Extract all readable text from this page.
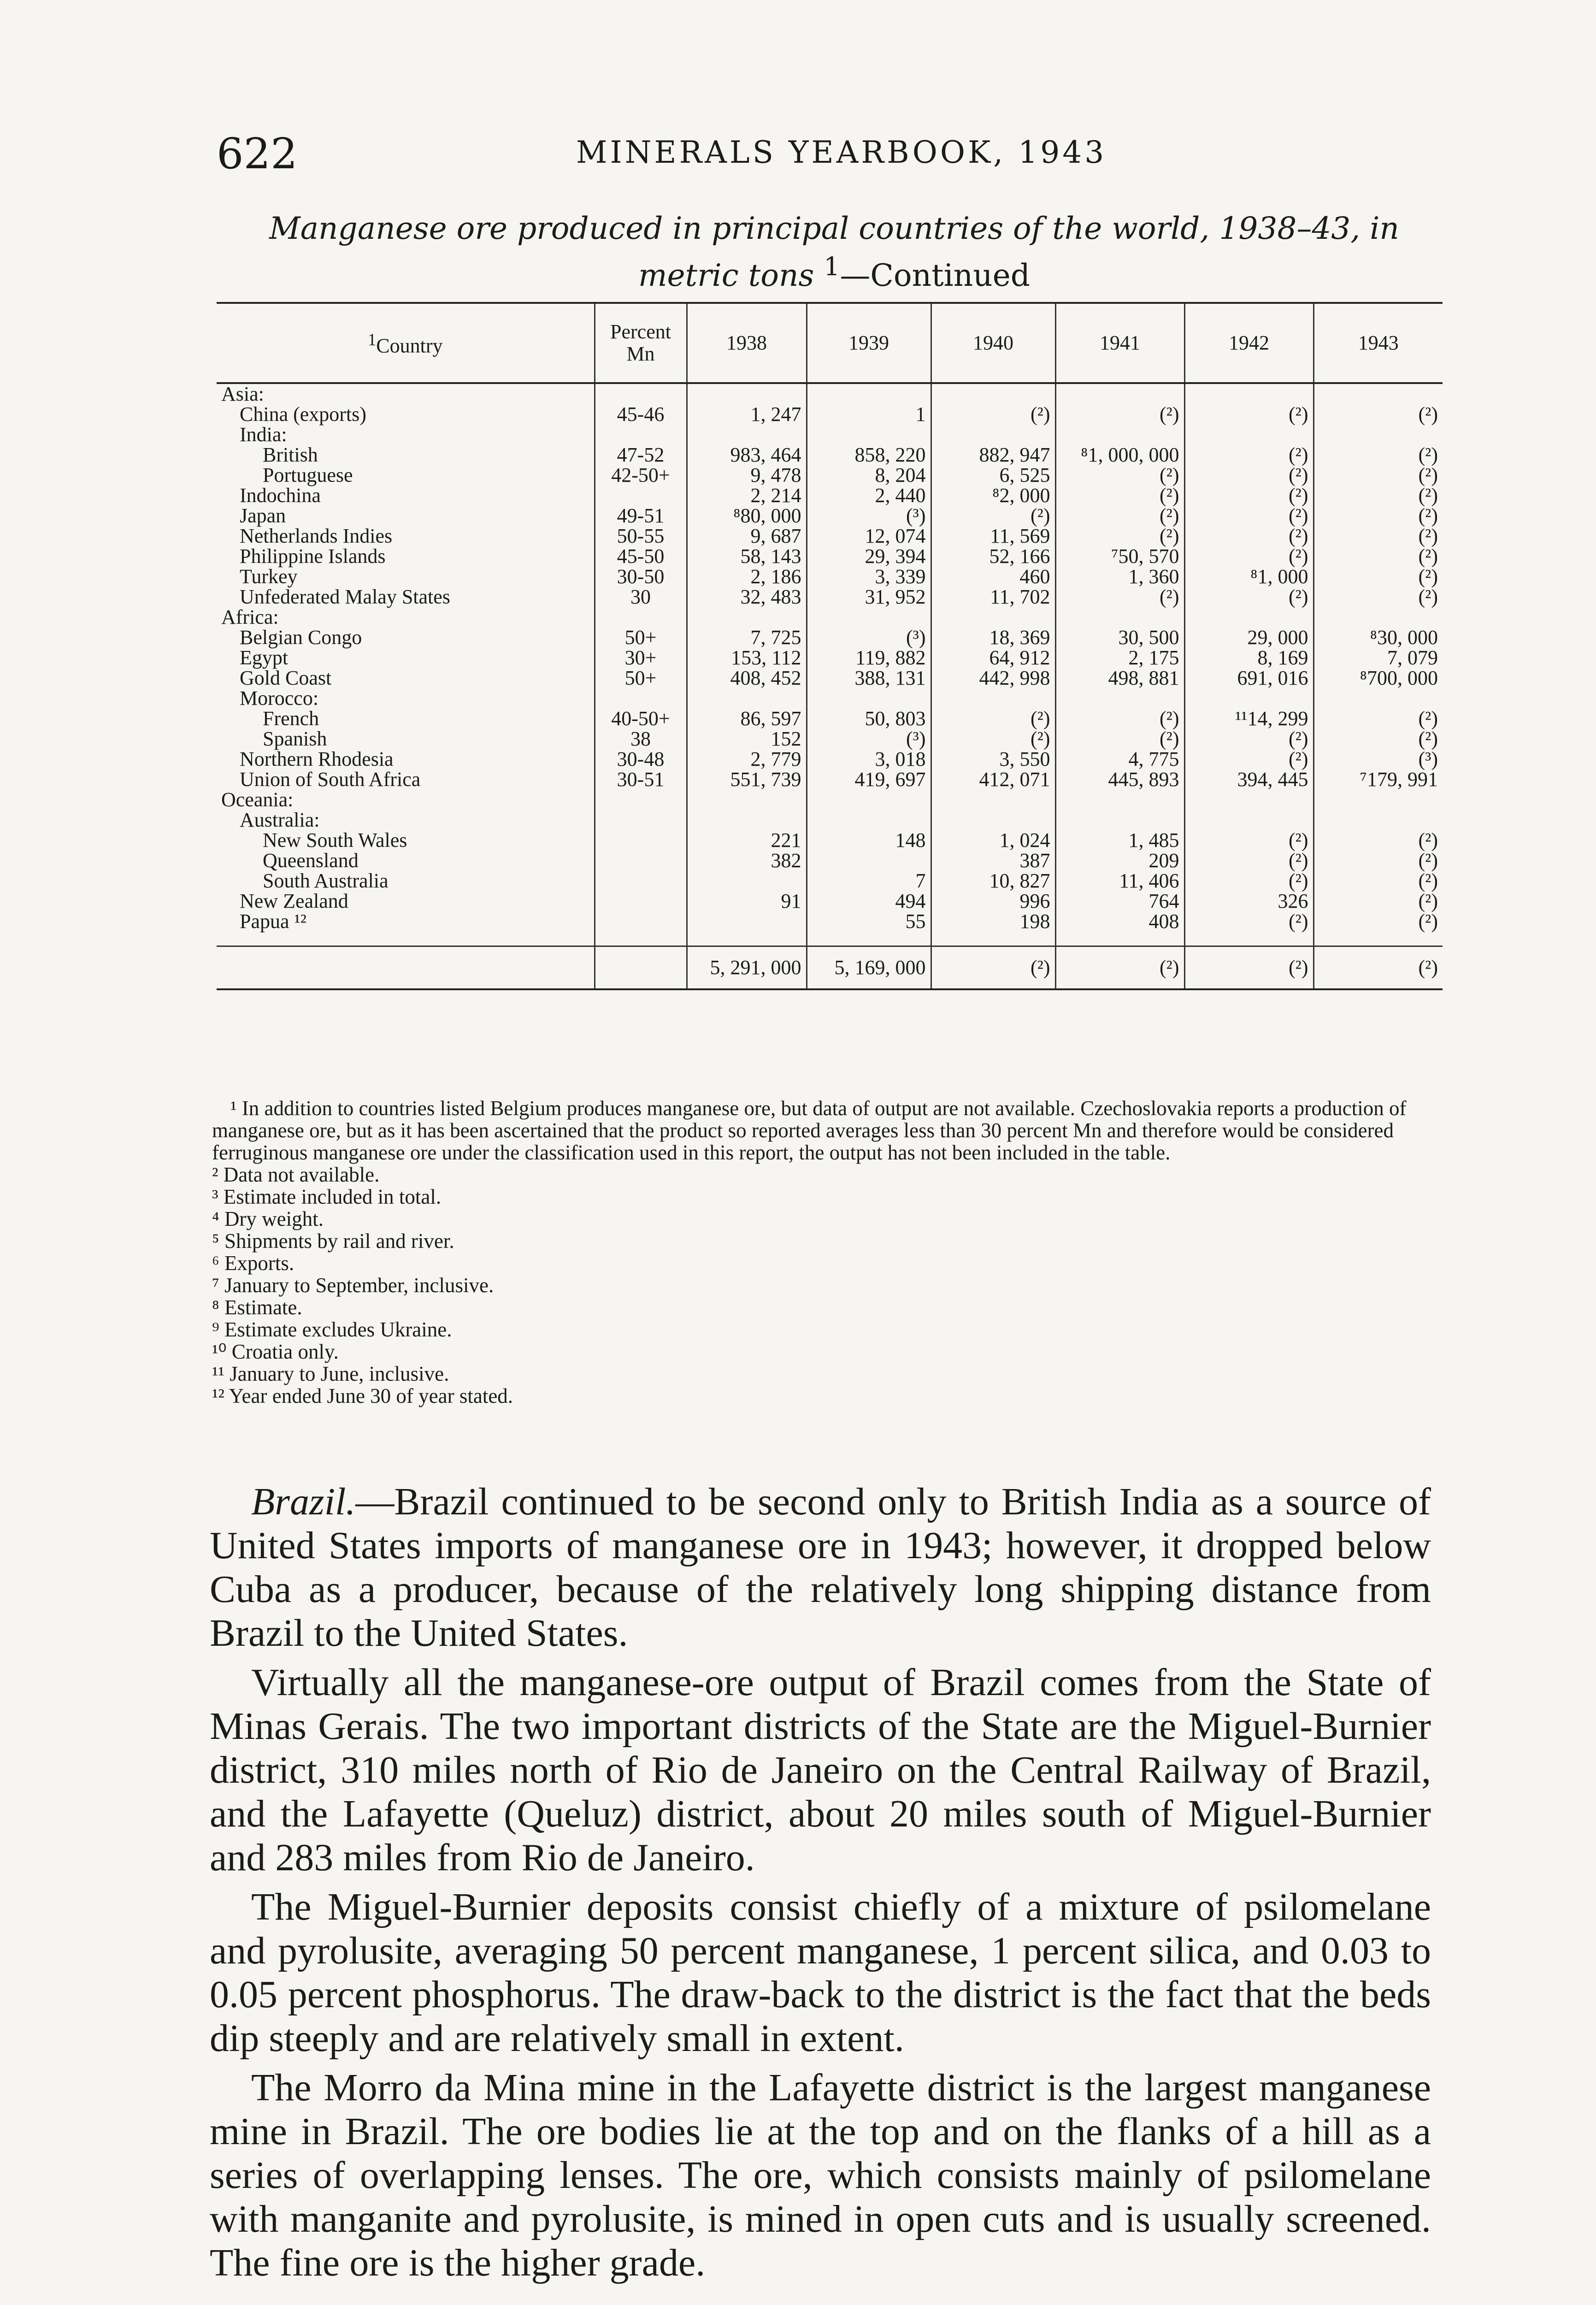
622	MINERALS YEARBOOK, 1943
Manganese ore produced in principal countries of the world, 1938–43, in metric tons $^1$—Continued
$^1$Country	Percent Mn	1938	1939	1940	1941	1942	1943
Asia:							
China (exports)	45-46	1, 247	1	(²)	(²)	(²)	(²)
India:							
British	47-52	983, 464	858, 220	882, 947	⁸1, 000, 000	(²)	(²)
Portuguese	42-50+	9, 478	8, 204	6, 525	(²)	(²)	(²)
Indochina		2, 214	2, 440	⁸2, 000	(²)	(²)	(²)
Japan	49-51	⁸80, 000	(³)	(²)	(²)	(²)	(²)
Netherlands Indies	50-55	9, 687	12, 074	11, 569	(²)	(²)	(²)
Philippine Islands	45-50	58, 143	29, 394	52, 166	⁷50, 570	(²)	(²)
Turkey	30-50	2, 186	3, 339	460	1, 360	⁸1, 000	(²)
Unfederated Malay States	30	32, 483	31, 952	11, 702	(²)	(²)	(²)
Africa:							
Belgian Congo	50+	7, 725	(³)	18, 369	30, 500	29, 000	⁸30, 000
Egypt	30+	153, 112	119, 882	64, 912	2, 175	8, 169	7, 079
Gold Coast	50+	408, 452	388, 131	442, 998	498, 881	691, 016	⁸700, 000
Morocco:							
French	40-50+	86, 597	50, 803	(²)	(²)	¹¹14, 299	(²)
Spanish	38	152	(³)	(²)	(²)	(²)	(²)
Northern Rhodesia	30-48	2, 779	3, 018	3, 550	4, 775	(²)	(³)
Union of South Africa	30-51	551, 739	419, 697	412, 071	445, 893	394, 445	⁷179, 991
Oceania:							
Australia:							
New South Wales		221	148	1, 024	1, 485	(²)	(²)
Queensland		382		387	209	(²)	(²)
South Australia			7	10, 827	11, 406	(²)	(²)
New Zealand		91	494	996	764	326	(²)
Papua ¹²			55	198	408	(²)	(²)

		5, 291, 000	5, 169, 000	(²)	(²)	(²)	(²)

¹ In addition to countries listed Belgium produces manganese ore, but data of output are not available. Czechoslovakia reports a production of manganese ore, but as it has been ascertained that the product so reported averages less than 30 percent Mn and therefore would be considered ferruginous manganese ore under the classification used in this report, the output has not been included in the table.

² Data not available.

³ Estimate included in total.

⁴ Dry weight.

⁵ Shipments by rail and river.

⁶ Exports.

⁷ January to September, inclusive.

⁸ Estimate.

⁹ Estimate excludes Ukraine.

¹⁰ Croatia only.

¹¹ January to June, inclusive.

¹² Year ended June 30 of year stated.

Brazil.—Brazil continued to be second only to British India as a source of United States imports of manganese ore in 1943; however, it dropped below Cuba as a producer, because of the relatively long shipping distance from Brazil to the United States.

Virtually all the manganese-ore output of Brazil comes from the State of Minas Gerais. The two important districts of the State are the Miguel-Burnier district, 310 miles north of Rio de Janeiro on the Central Railway of Brazil, and the Lafayette (Queluz) district, about 20 miles south of Miguel-Burnier and 283 miles from Rio de Janeiro.

The Miguel-Burnier deposits consist chiefly of a mixture of psilomelane and pyrolusite, averaging 50 percent manganese, 1 percent silica, and 0.03 to 0.05 percent phosphorus. The draw-back to the district is the fact that the beds dip steeply and are relatively small in extent.

The Morro da Mina mine in the Lafayette district is the largest manganese mine in Brazil. The ore bodies lie at the top and on the flanks of a hill as a series of overlapping lenses. The ore, which consists mainly of psilomelane with manganite and pyrolusite, is mined in open cuts and is usually screened. The fine ore is the higher grade.
